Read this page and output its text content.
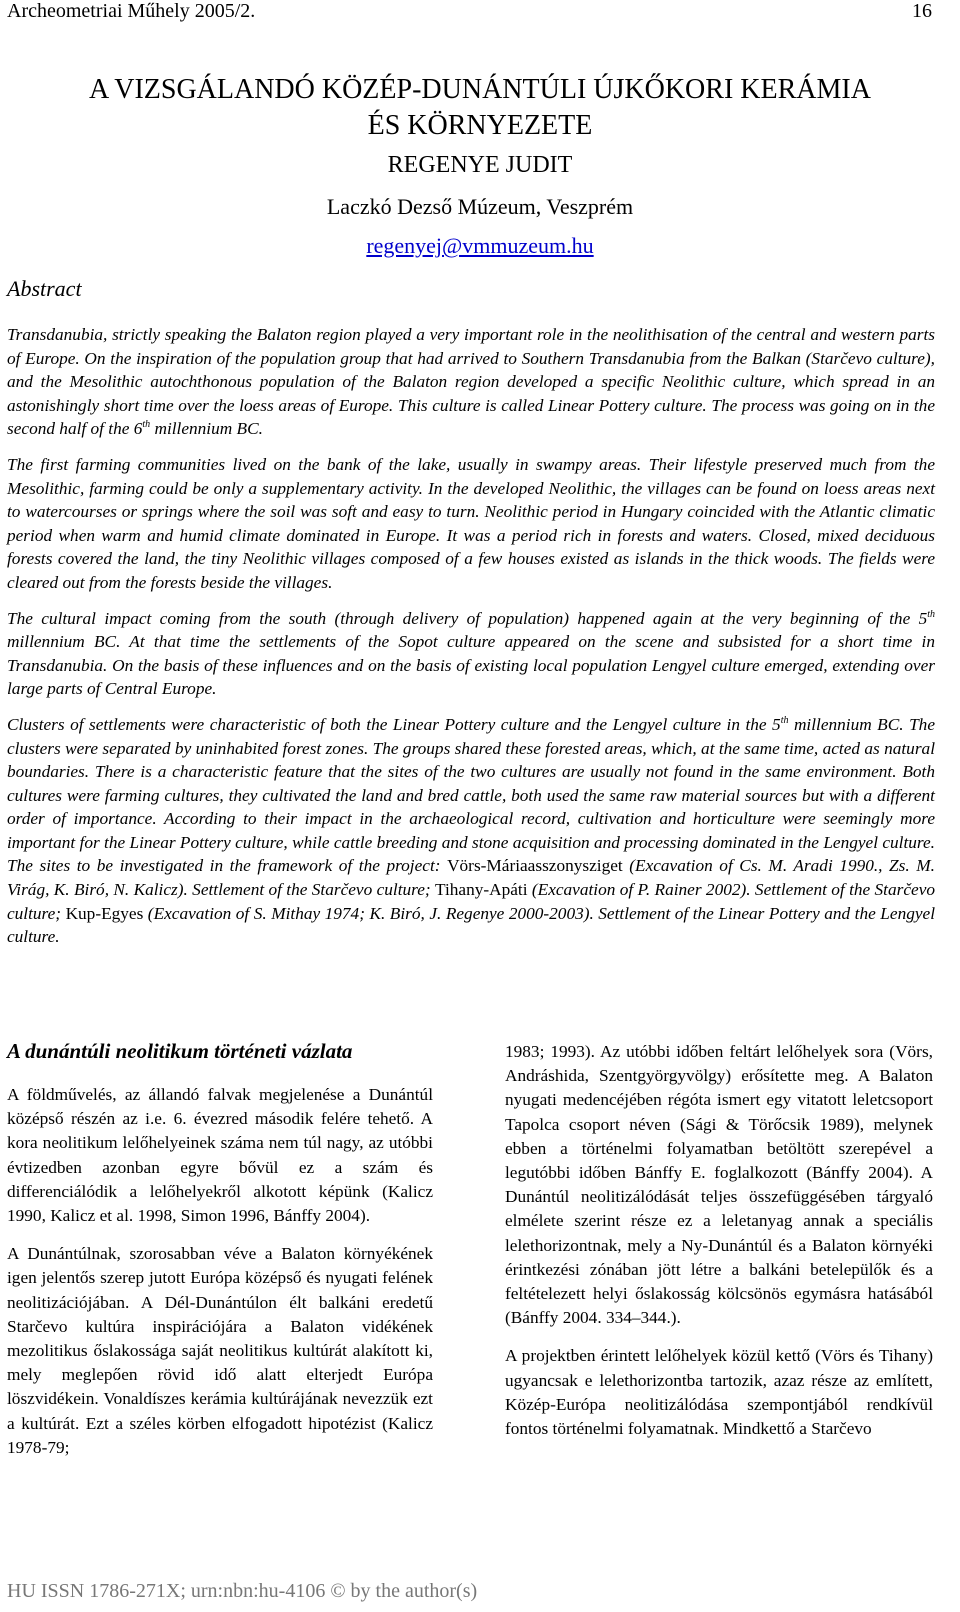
Archeometriai Műhely 2005/2.	16
A VIZSGÁLANDÓ KÖZÉP-DUNÁNTÚLI ÚJKŐKORI KERÁMIA
ÉS KÖRNYEZETE
REGENYE JUDIT
Laczkó Dezső Múzeum, Veszprém
regenyej@vmmuzeum.hu
Abstract

Transdanubia, strictly speaking the Balaton region played a very important role in the neolithisation of the central and western parts of Europe. On the inspiration of the population group that had arrived to Southern Transdanubia from the Balkan (Starčevo culture), and the Mesolithic autochthonous population of the Balaton region developed a specific Neolithic culture, which spread in an astonishingly short time over the loess areas of Europe. This culture is called Linear Pottery culture. The process was going on in the second half of the 6th millennium BC.

The first farming communities lived on the bank of the lake, usually in swampy areas. Their lifestyle preserved much from the Mesolithic, farming could be only a supplementary activity. In the developed Neolithic, the villages can be found on loess areas next to watercourses or springs where the soil was soft and easy to turn. Neolithic period in Hungary coincided with the Atlantic climatic period when warm and humid climate dominated in Europe. It was a period rich in forests and waters. Closed, mixed deciduous forests covered the land, the tiny Neolithic villages composed of a few houses existed as islands in the thick woods. The fields were cleared out from the forests beside the villages.

The cultural impact coming from the south (through delivery of population) happened again at the very beginning of the 5th millennium BC. At that time the settlements of the Sopot culture appeared on the scene and subsisted for a short time in Transdanubia. On the basis of these influences and on the basis of existing local population Lengyel culture emerged, extending over large parts of Central Europe.

Clusters of settlements were characteristic of both the Linear Pottery culture and the Lengyel culture in the 5th millennium BC. The clusters were separated by uninhabited forest zones. The groups shared these forested areas, which, at the same time, acted as natural boundaries. There is a characteristic feature that the sites of the two cultures are usually not found in the same environment. Both cultures were farming cultures, they cultivated the land and bred cattle, both used the same raw material sources but with a different order of importance. According to their impact in the archaeological record, cultivation and horticulture were seemingly more important for the Linear Pottery culture, while cattle breeding and stone acquisition and processing dominated in the Lengyel culture. The sites to be investigated in the framework of the project: Vörs-Máriaasszonysziget (Excavation of Cs. M. Aradi 1990., Zs. M. Virág, K. Biró, N. Kalicz). Settlement of the Starčevo culture; Tihany-Apáti (Excavation of P. Rainer 2002). Settlement of the Starčevo culture; Kup-Egyes (Excavation of S. Mithay 1974; K. Biró, J. Regenye 2000-2003). Settlement of the Linear Pottery and the Lengyel culture.

A dunántúli neolitikum történeti vázlata

A földművelés, az állandó falvak megjelenése a Dunántúl középső részén az i.e. 6. évezred második felére tehető. A kora neolitikum lelőhelyeinek száma nem túl nagy, az utóbbi évtizedben azonban egyre bővül ez a szám és differenciálódik a lelőhelyekről alkotott képünk (Kalicz 1990, Kalicz et al. 1998, Simon 1996, Bánffy 2004).

A Dunántúlnak, szorosabban véve a Balaton környékének igen jelentős szerep jutott Európa középső és nyugati felének neolitizációjában. A Dél-Dunántúlon élt balkáni eredetű Starčevo kultúra inspirációjára a Balaton vidékének mezolitikus őslakossága saját neolitikus kultúrát alakított ki, mely meglepően rövid idő alatt elterjedt Európa löszvidékein. Vonaldíszes kerámia kultúrájának nevezzük ezt a kultúrát. Ezt a széles körben elfogadott hipotézist (Kalicz 1978-79;

1983; 1993). Az utóbbi időben feltárt lelőhelyek sora (Vörs, Andráshida, Szentgyörgyvölgy) erősítette meg. A Balaton nyugati medencéjében régóta ismert egy vitatott leletcsoport Tapolca csoport néven (Sági & Törőcsik 1989), melynek ebben a történelmi folyamatban betöltött szerepével a legutóbbi időben Bánffy E. foglalkozott (Bánffy 2004). A Dunántúl neolitizálódását teljes összefüggésében tárgyaló elmélete szerint része ez a leletanyag annak a speciális lelethorizontnak, mely a Ny-Dunántúl és a Balaton környéki érintkezési zónában jött létre a balkáni betelepülők és a feltételezett helyi őslakosság kölcsönös egymásra hatásából (Bánffy 2004. 334–344.).

A projektben érintett lelőhelyek közül kettő (Vörs és Tihany) ugyancsak e lelethorizontba tartozik, azaz része az említett, Közép-Európa neolitizálódása szempontjából rendkívül fontos történelmi folyamatnak. Mindkettő a Starčevo

HU ISSN 1786-271X; urn:nbn:hu-4106 © by the author(s)
